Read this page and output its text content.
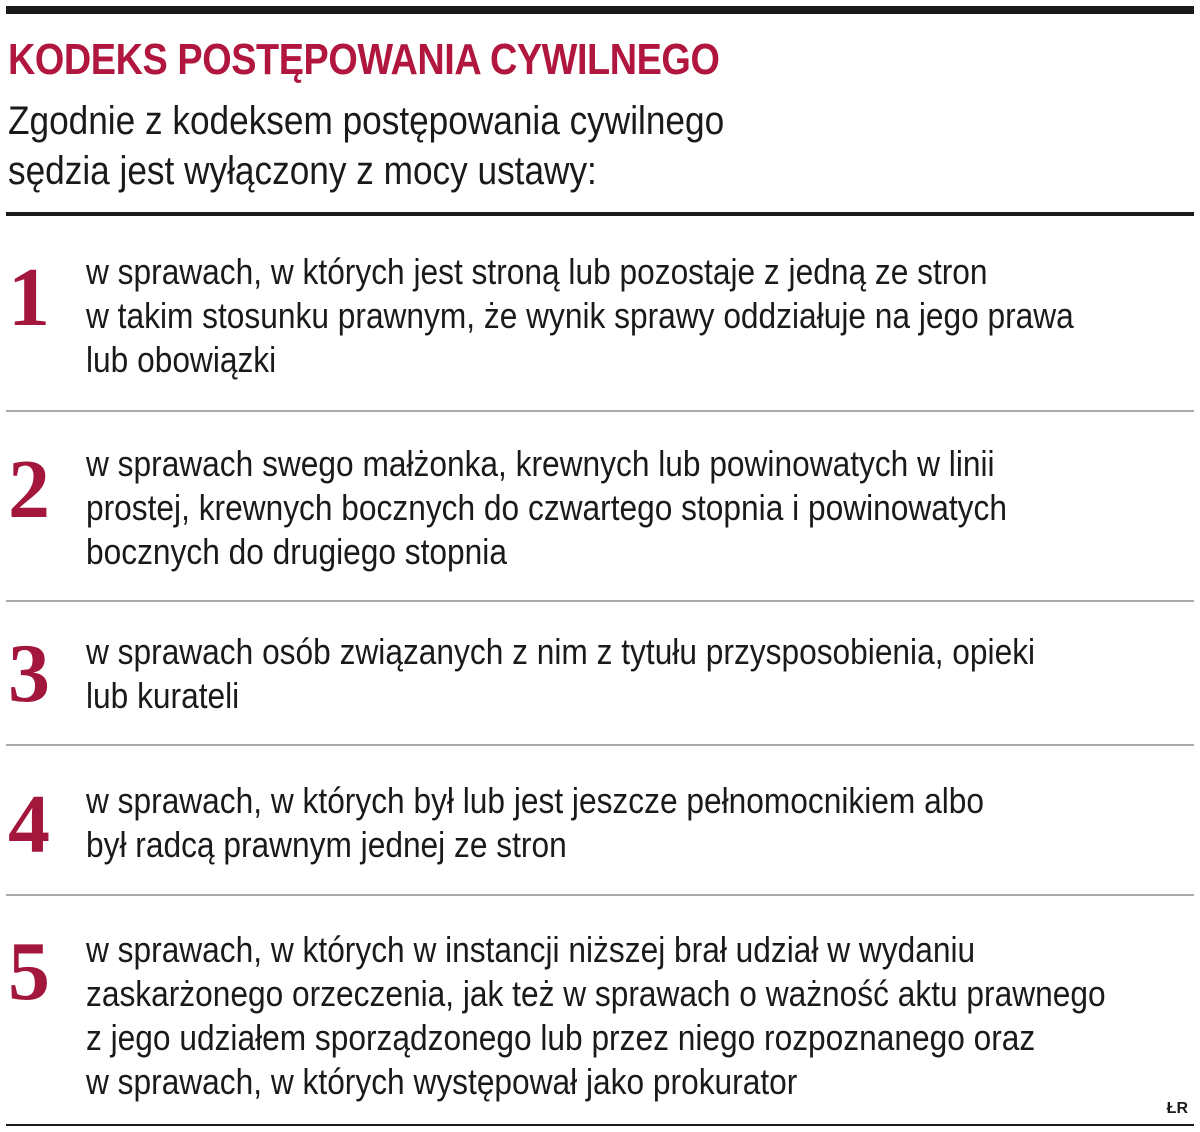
KODEKS POSTĘPOWANIA CYWILNEGO
Zgodnie z kodeksem postępowania cywilnego
sędzia jest wyłączony z mocy ustawy:
1 w sprawach, w których jest stroną lub pozostaje z jedną ze stron
w takim stosunku prawnym, że wynik sprawy oddziałuje na jego prawa
lub obowiązki
2 w sprawach swego małżonka, krewnych lub powinowatych w linii
prostej, krewnych bocznych do czwartego stopnia i powinowatych
bocznych do drugiego stopnia
3 w sprawach osób związanych z nim z tytułu przysposobienia, opieki
lub kurateli
4 w sprawach, w których był lub jest jeszcze pełnomocnikiem albo
był radcą prawnym jednej ze stron
5 w sprawach, w których w instancji niższej brał udział w wydaniu
zaskarżonego orzeczenia, jak też w sprawach o ważność aktu prawnego
z jego udziałem sporządzonego lub przez niego rozpoznanego oraz
w sprawach, w których występował jako prokurator
ŁR
